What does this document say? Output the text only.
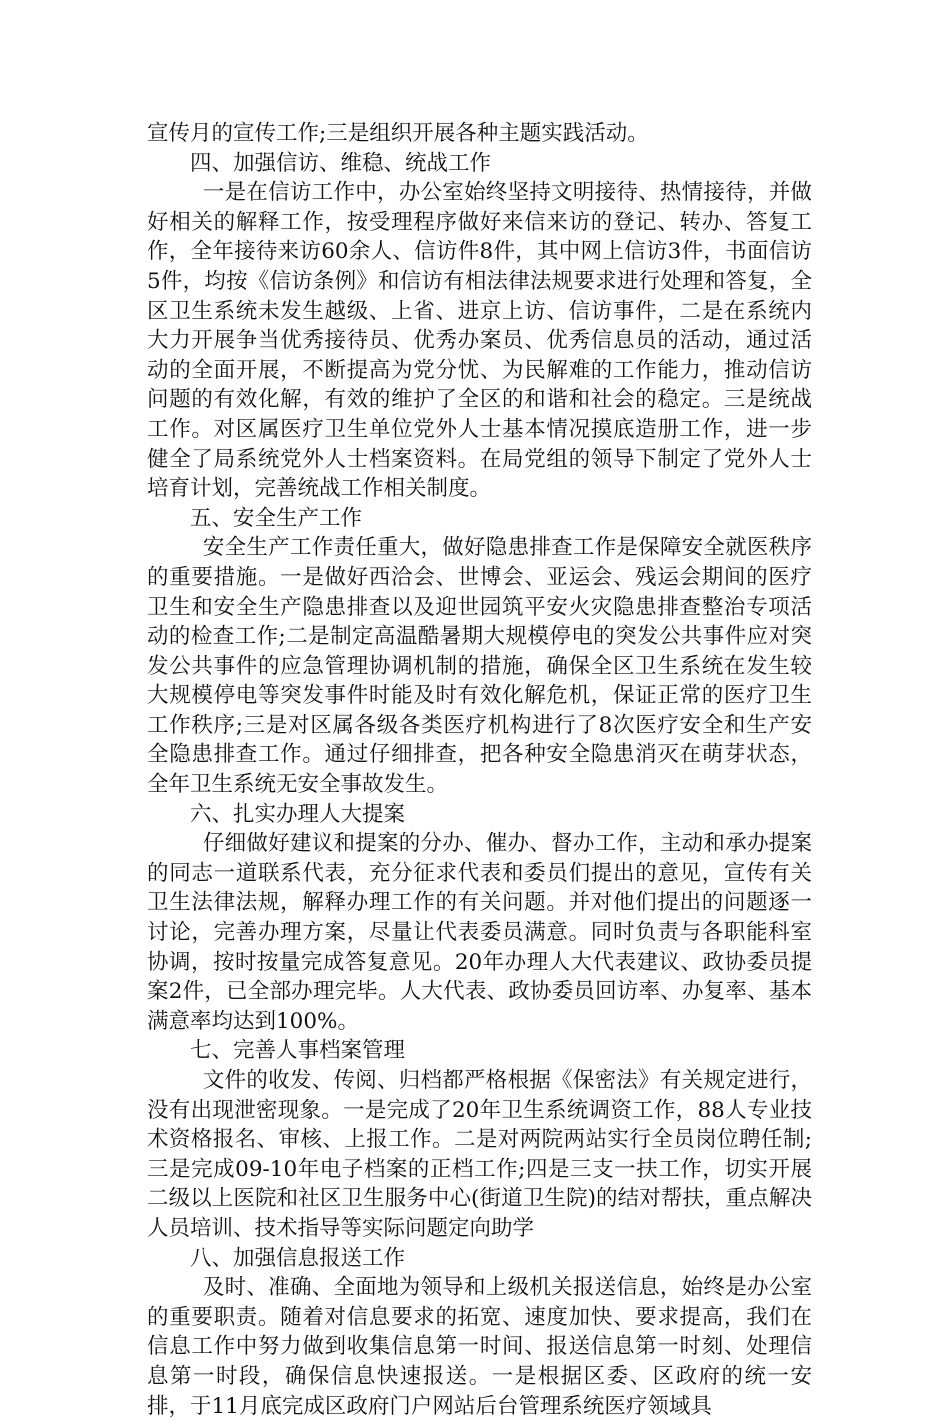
宣传月的宣传工作;三是组织开展各种主题实践活动。

四、加强信访、维稳、统战工作

一是在信访工作中，办公室始终坚持文明接待、热情接待，并做好相关的解释工作，按受理程序做好来信来访的登记、转办、答复工作，全年接待来访60余人、信访件8件，其中网上信访3件，书面信访5件，均按《信访条例》和信访有相法律法规要求进行处理和答复，全区卫生系统未发生越级、上省、进京上访、信访事件，二是在系统内大力开展争当优秀接待员、优秀办案员、优秀信息员的活动，通过活动的全面开展，不断提高为党分忧、为民解难的工作能力，推动信访问题的有效化解，有效的维护了全区的和谐和社会的稳定。三是统战工作。对区属医疗卫生单位党外人士基本情况摸底造册工作，进一步健全了局系统党外人士档案资料。在局党组的领导下制定了党外人士培育计划，完善统战工作相关制度。

五、安全生产工作

安全生产工作责任重大，做好隐患排查工作是保障安全就医秩序的重要措施。一是做好西洽会、世博会、亚运会、残运会期间的医疗卫生和安全生产隐患排查以及迎世园筑平安火灾隐患排查整治专项活动的检查工作;二是制定高温酷暑期大规模停电的突发公共事件应对突发公共事件的应急管理协调机制的措施，确保全区卫生系统在发生较大规模停电等突发事件时能及时有效化解危机，保证正常的医疗卫生工作秩序;三是对区属各级各类医疗机构进行了8次医疗安全和生产安全隐患排查工作。通过仔细排查，把各种安全隐患消灭在萌芽状态，全年卫生系统无安全事故发生。

六、扎实办理人大提案

仔细做好建议和提案的分办、催办、督办工作，主动和承办提案的同志一道联系代表，充分征求代表和委员们提出的意见，宣传有关卫生法律法规，解释办理工作的有关问题。并对他们提出的问题逐一讨论，完善办理方案，尽量让代表委员满意。同时负责与各职能科室协调，按时按量完成答复意见。20年办理人大代表建议、政协委员提案2件，已全部办理完毕。人大代表、政协委员回访率、办复率、基本满意率均达到100%。

七、完善人事档案管理

文件的收发、传阅、归档都严格根据《保密法》有关规定进行，没有出现泄密现象。一是完成了20年卫生系统调资工作，88人专业技术资格报名、审核、上报工作。二是对两院两站实行全员岗位聘任制;三是完成09-10年电子档案的正档工作;四是三支一扶工作，切实开展二级以上医院和社区卫生服务中心(街道卫生院)的结对帮扶，重点解决人员培训、技术指导等实际问题定向助学

八、加强信息报送工作

及时、准确、全面地为领导和上级机关报送信息，始终是办公室的重要职责。随着对信息要求的拓宽、速度加快、要求提高，我们在信息工作中努力做到收集信息第一时间、报送信息第一时刻、处理信息第一时段，确保信息快速报送。一是根据区委、区政府的统一安排，于11月底完成区政府门户网站后台管理系统医疗领域具
